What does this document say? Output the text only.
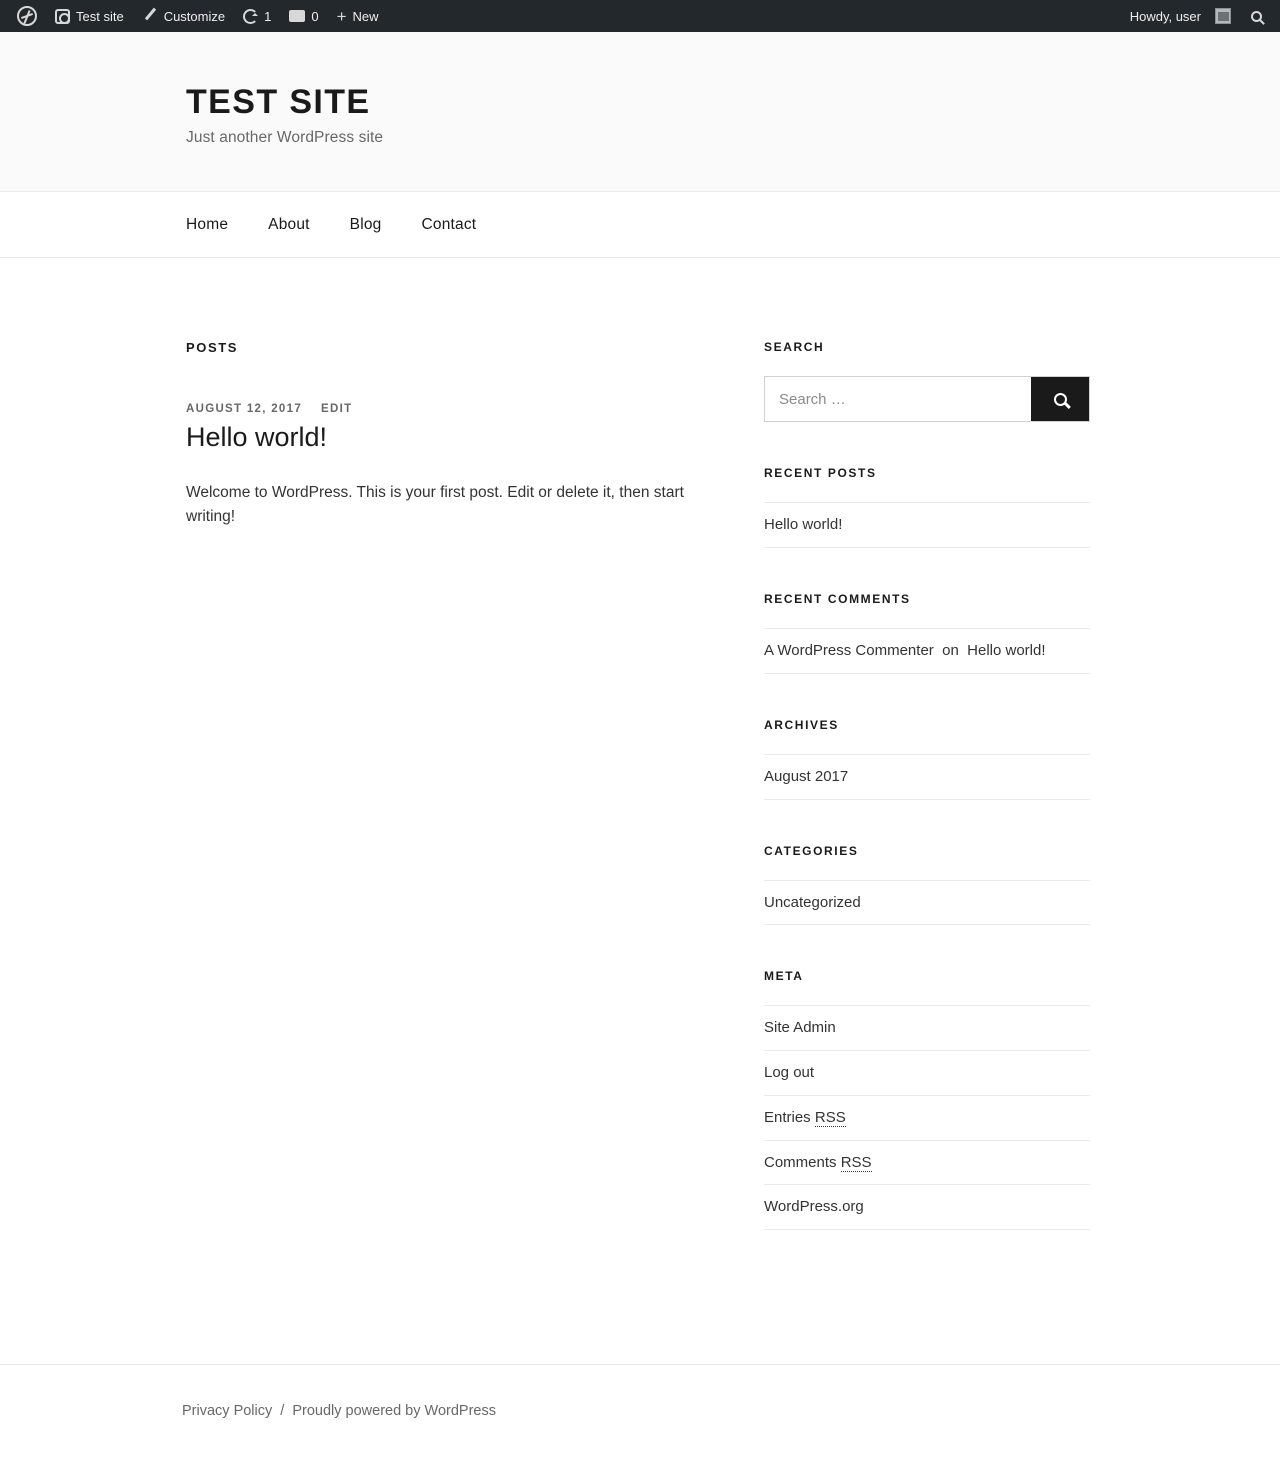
Test site	Customize	1	0 + New	Howdy, user
TEST SITE

Just another WordPress site

Home	About	Blog	Contact
POSTS
AUGUST 12, 2017 EDIT
Hello world!

Welcome to WordPress. This is your first post. Edit or delete it, then start writing!

SEARCH
Search …
RECENT POSTS
Hello world!
RECENT COMMENTS
A WordPress Commenter on Hello world!
ARCHIVES
August 2017
CATEGORIES
Uncategorized
META
Site Admin
Log out
Entries RSS
Comments RSS
WordPress.org
Privacy Policy / Proudly powered by WordPress
